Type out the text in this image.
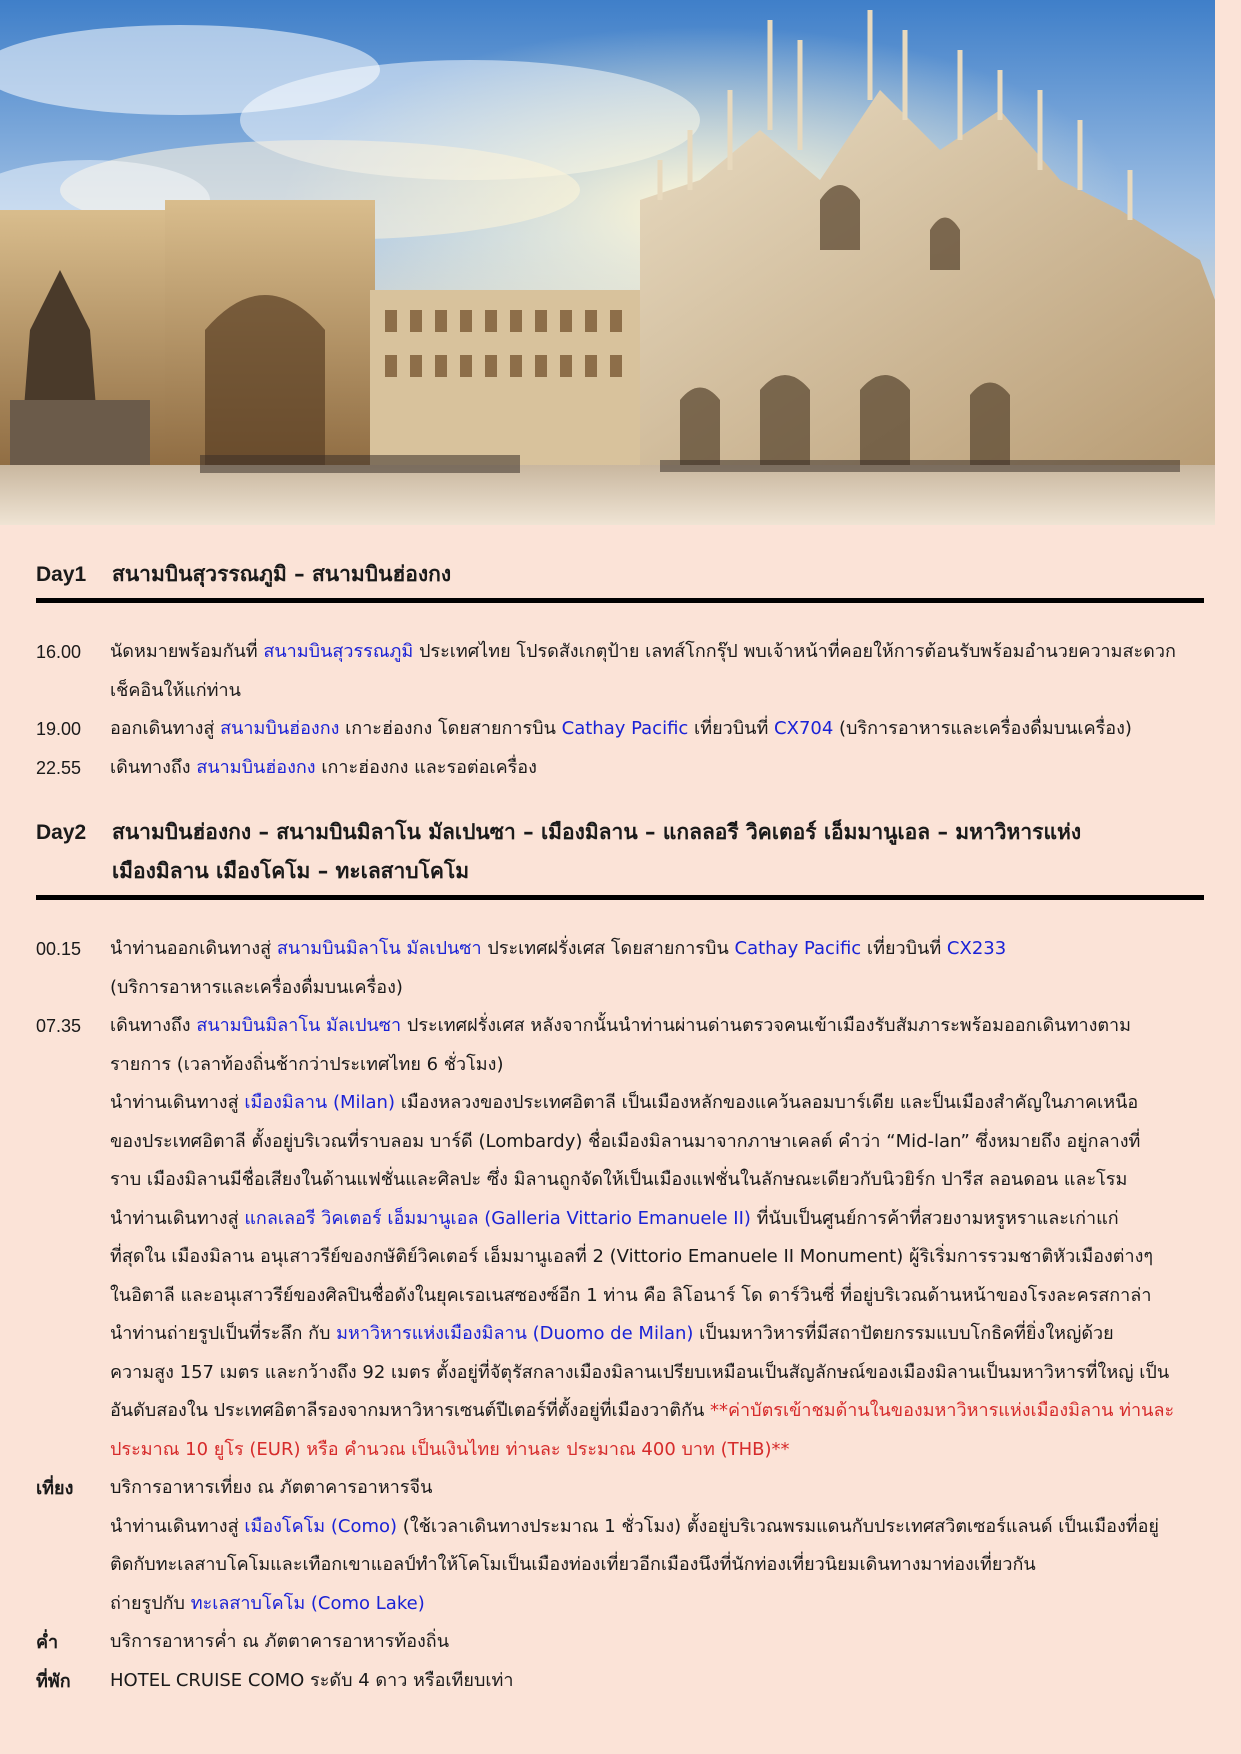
Day1	สนามบินสุวรรณภูมิ – สนามบินฮ่องกง
16.00	นัดหมายพร้อมกันที่ สนามบินสุวรรณภูมิ ประเทศไทย โปรดสังเกตุป้าย เลทส์โกกรุ๊ป พบเจ้าหน้าที่คอยให้การต้อนรับพร้อมอำนวยความสะดวก
เช็คอินให้แก่ท่าน
19.00	ออกเดินทางสู่ สนามบินฮ่องกง เกาะฮ่องกง โดยสายการบิน Cathay Pacific เที่ยวบินที่ CX704 (บริการอาหารและเครื่องดื่มบนเครื่อง)
22.55	เดินทางถึง สนามบินฮ่องกง เกาะฮ่องกง และรอต่อเครื่อง
Day2	สนามบินฮ่องกง – สนามบินมิลาโน มัลเปนซา – เมืองมิลาน – แกลลอรี วิคเตอร์ เอ็มมานูเอล – มหาวิหารแห่ง
เมืองมิลาน เมืองโคโม – ทะเลสาบโคโม
00.15	นำท่านออกเดินทางสู่ สนามบินมิลาโน มัลเปนซา ประเทศฝรั่งเศส โดยสายการบิน Cathay Pacific เที่ยวบินที่ CX233
(บริการอาหารและเครื่องดื่มบนเครื่อง)
07.35	เดินทางถึง สนามบินมิลาโน มัลเปนซา ประเทศฝรั่งเศส หลังจากนั้นนำท่านผ่านด่านตรวจคนเข้าเมืองรับสัมภาระพร้อมออกเดินทางตาม
รายการ (เวลาท้องถิ่นช้ากว่าประเทศไทย 6 ชั่วโมง)
นำท่านเดินทางสู่ เมืองมิลาน (Milan) เมืองหลวงของประเทศอิตาลี เป็นเมืองหลักของแคว้นลอมบาร์เดีย และป็นเมืองสำคัญในภาคเหนือ
ของประเทศอิตาลี ตั้งอยู่บริเวณที่ราบลอม บาร์ดี (Lombardy) ชื่อเมืองมิลานมาจากภาษาเคลต์ คำว่า “Mid-lan” ซึ่งหมายถึง อยู่กลางที่
ราบ เมืองมิลานมีชื่อเสียงในด้านแฟชั่นและศิลปะ ซึ่ง มิลานถูกจัดให้เป็นเมืองแฟชั่นในลักษณะเดียวกับนิวยิร์ก ปารีส ลอนดอน และโรม
นำท่านเดินทางสู่ แกลเลอรี วิคเตอร์ เอ็มมานูเอล (Galleria Vittario Emanuele II) ที่นับเป็นศูนย์การค้าที่สวยงามหรูหราและเก่าแก่
ที่สุดใน เมืองมิลาน อนุเสาวรีย์ของกษัติย์วิคเตอร์ เอ็มมานูเอลที่ 2 (Vittorio Emanuele II Monument) ผู้ริเริ่มการรวมชาติหัวเมืองต่างๆ
ในอิตาลี และอนุเสาวรีย์ของศิลปินชื่อดังในยุคเรอเนสซองซ์อีก 1 ท่าน คือ ลิโอนาร์ โด ดาร์วินซี่ ที่อยู่บริเวณด้านหน้าของโรงละครสกาล่า
นำท่านถ่ายรูปเป็นที่ระลึก กับ มหาวิหารแห่งเมืองมิลาน (Duomo de Milan) เป็นมหาวิหารที่มีสถาปัตยกรรมแบบโกธิคที่ยิ่งใหญ่ด้วย
ความสูง 157 เมตร และกว้างถึง 92 เมตร ตั้งอยู่ที่จัตุรัสกลางเมืองมิลานเปรียบเหมือนเป็นสัญลักษณ์ของเมืองมิลานเป็นมหาวิหารที่ใหญ่ เป็น
อันดับสองใน ประเทศอิตาลีรองจากมหาวิหารเซนต์ปีเตอร์ที่ตั้งอยู่ที่เมืองวาติกัน **ค่าบัตรเข้าชมด้านในของมหาวิหารแห่งเมืองมิลาน ท่านละ
ประมาณ 10 ยูโร (EUR) หรือ คำนวณ เป็นเงินไทย ท่านละ ประมาณ 400 บาท (THB)**
เที่ยง	บริการอาหารเที่ยง ณ ภัตตาคารอาหารจีน
นำท่านเดินทางสู่ เมืองโคโม (Como) (ใช้เวลาเดินทางประมาณ 1 ชั่วโมง) ตั้งอยู่บริเวณพรมแดนกับประเทศสวิตเซอร์แลนด์ เป็นเมืองที่อยู่
ติดกับทะเลสาบโคโมและเทือกเขาแอลป์ทำให้โคโมเป็นเมืองท่องเที่ยวอีกเมืองนึงที่นักท่องเที่ยวนิยมเดินทางมาท่องเที่ยวกัน
ถ่ายรูปกับ ทะเลสาบโคโม (Como Lake)
ค่ำ	บริการอาหารค่ำ ณ ภัตตาคารอาหารท้องถิ่น
ที่พัก	HOTEL CRUISE COMO ระดับ 4 ดาว หรือเทียบเท่า
